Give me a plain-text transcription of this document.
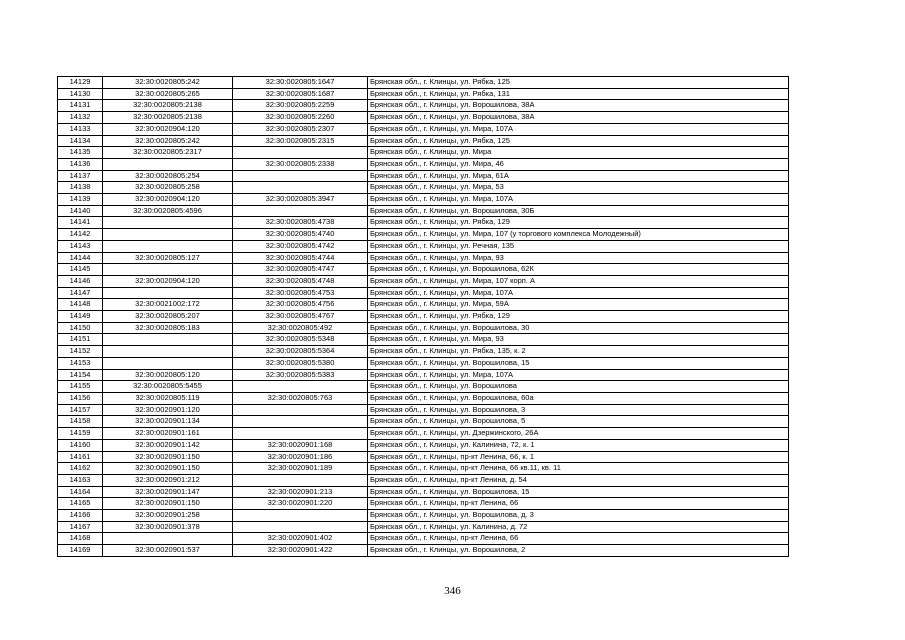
14129	32:30:0020805:242	32:30:0020805:1647	Брянская обл., г. Клинцы, ул. Рябка, 125
14130	32:30:0020805:265	32:30:0020805:1687	Брянская обл., г. Клинцы, ул. Рябка, 131
14131	32:30:0020805:2138	32:30:0020805:2259	Брянская обл., г. Клинцы, ул. Ворошилова, 38А
14132	32:30:0020805:2138	32:30:0020805:2260	Брянская обл., г. Клинцы, ул. Ворошилова, 38А
14133	32:30:0020904:120	32:30:0020805:2307	Брянская обл., г. Клинцы, ул. Мира, 107А
14134	32:30:0020805:242	32:30:0020805:2315	Брянская обл., г. Клинцы, ул. Рябка, 125
14135	32:30:0020805:2317		Брянская обл., г. Клинцы, ул. Мира
14136		32:30:0020805:2338	Брянская обл., г. Клинцы, ул. Мира, 46
14137	32:30:0020805:254		Брянская обл., г. Клинцы, ул. Мира, 61А
14138	32:30:0020805:258		Брянская обл., г. Клинцы, ул. Мира, 53
14139	32:30:0020904:120	32:30:0020805:3947	Брянская обл., г. Клинцы, ул. Мира, 107А
14140	32:30:0020805:4596		Брянская обл., г. Клинцы, ул. Ворошилова, 30Б
14141		32:30:0020805:4738	Брянская обл., г. Клинцы, ул. Рябка, 129
14142		32:30:0020805:4740	Брянская обл., г. Клинцы, ул. Мира, 107 (у торгового комплекса Молодежный)
14143		32:30:0020805:4742	Брянская обл., г. Клинцы, ул. Речная, 135
14144	32:30:0020805:127	32:30:0020805:4744	Брянская обл., г. Клинцы, ул. Мира, 93
14145		32:30:0020805:4747	Брянская обл., г. Клинцы, ул. Ворошилова, 62К
14146	32:30:0020904:120	32:30:0020805:4748	Брянская обл., г. Клинцы, ул. Мира, 107 корп. А
14147		32:30:0020805:4753	Брянская обл., г. Клинцы, ул. Мира, 107А
14148	32:30:0021002:172	32:30:0020805:4756	Брянская обл., г. Клинцы, ул. Мира, 59А
14149	32:30:0020805:207	32:30:0020805:4767	Брянская обл., г. Клинцы, ул. Рябка, 129
14150	32:30:0020805:183	32:30:0020805:492	Брянская обл., г. Клинцы, ул. Ворошилова, 30
14151		32:30:0020805:5348	Брянская обл., г. Клинцы, ул. Мира, 93
14152		32:30:0020805:5364	Брянская обл., г. Клинцы, ул. Рябка, 135, к. 2
14153		32:30:0020805:5380	Брянская обл., г. Клинцы, ул. Ворошилова, 15
14154	32:30:0020805:120	32:30:0020805:5383	Брянская обл., г. Клинцы, ул. Мира, 107А
14155	32:30:0020805:5455		Брянская обл., г. Клинцы, ул. Ворошилова
14156	32:30:0020805:119	32:30:0020805:763	Брянская обл., г. Клинцы, ул. Ворошилова, 60а
14157	32:30:0020901:120		Брянская обл., г. Клинцы, ул. Ворошилова, 3
14158	32:30:0020901:134		Брянская обл., г. Клинцы, ул. Ворошилова, 5
14159	32:30:0020901:161		Брянская обл., г. Клинцы, ул. Дзержинского, 26А
14160	32:30:0020901:142	32:30:0020901:168	Брянская обл., г. Клинцы, ул. Калинина, 72, к. 1
14161	32:30:0020901:150	32:30:0020901:186	Брянская обл., г. Клинцы, пр-кт Ленина, 66, к. 1
14162	32:30:0020901:150	32:30:0020901:189	Брянская обл., г. Клинцы, пр-кт Ленина, 66 кв.11, кв. 11
14163	32:30:0020901:212		Брянская обл., г. Клинцы, пр-кт Ленина, д. 54
14164	32:30:0020901:147	32:30:0020901:213	Брянская обл., г. Клинцы, ул. Ворошилова, 15
14165	32:30:0020901:150	32:30:0020901:220	Брянская обл., г. Клинцы, пр-кт Ленина, 66
14166	32:30:0020901:258		Брянская обл., г. Клинцы, ул. Ворошилова, д. 3
14167	32:30:0020901:378		Брянская обл., г. Клинцы, ул. Калинина, д. 72
14168		32:30:0020901:402	Брянская обл., г. Клинцы, пр-кт Ленина, 66
14169	32:30:0020901:537	32:30:0020901:422	Брянская обл., г. Клинцы, ул. Ворошилова, 2
346
